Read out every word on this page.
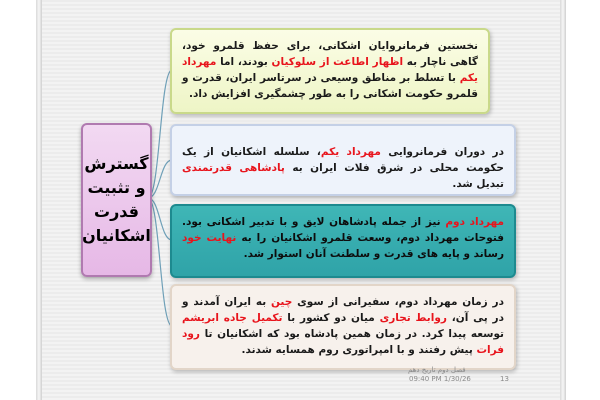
گسترش
و تثبیت
قدرت
اشکانیان
نخستین فرمانروایان اشکانی، برای حفظ قلمرو خود، گاهی ناچار به اظهار اطاعت از سلوکیان بودند، اما مهرداد یکم با تسلط بر مناطق وسیعی در سرتاسر ایران، قدرت و قلمرو حکومت اشکانی را به طور چشمگیری افزایش داد.
در دوران فرمانروایی مهرداد یکم، سلسله اشکانیان از یک حکومت محلی در شرق فلات ایران به پادشاهی قدرتمندی تبدیل شد.
مهرداد دوم نیز از جمله پادشاهان لایق و با تدبیر اشکانی بود. فتوحات مهرداد دوم، وسعت قلمرو اشکانیان را به نهایت خود رساند و پایه های قدرت و سلطنت آنان استوار شد.
در زمان مهرداد دوم، سفیرانی از سوی چین به ایران آمدند و در پی آن، روابط تجاری میان دو کشور با تکمیل جاده ابریشم توسعه پیدا کرد. در زمان همین پادشاه بود که اشکانیان تا رود فرات پیش رفتند و با امپراتوری روم همسایه شدند.
فصل دوم تاریخ دهم
09:40 PM 1/30/26	13
